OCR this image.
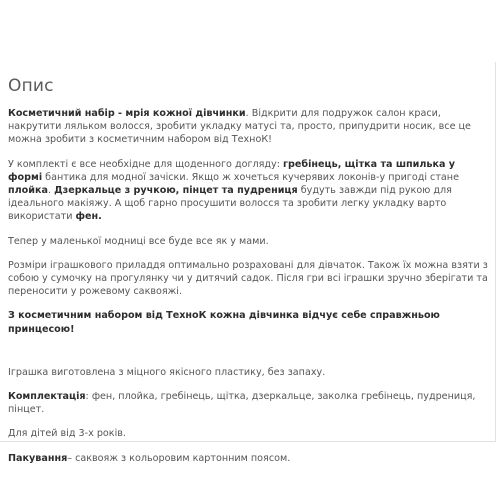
Опис

Косметичний набір - мрія кожної дівчинки. Відкрити для подружок салон краси, накрутити ляльком волосся, зробити укладку матусі та, просто, припудрити носик, все це можна зробити з косметичним набором від ТехноК!

У комплекті є все необхідне для щоденного догляду: гребінець, щітка та шпилька у формі бантика для модної зачіски. Якщо ж хочеться кучерявих локонів-у пригоді стане плойка. Дзеркальце з ручкою, пінцет та пудрениця будуть завжди під рукою для ідеального макіяжу. А щоб гарно просушити волосся та зробити легку укладку варто використати фен.

Тепер у маленької модниці все буде все як у мами.

Розміри іграшкового приладдя оптимально розраховані для дівчаток. Також їх можна взяти з собою у сумочку на прогулянку чи у дитячий садок. Після гри всі іграшки зручно зберігати та переносити у рожевому саквояжі.

З косметичним набором від ТехноК кожна дівчинка відчує себе справжньою принцесою!

Іграшка виготовлена з міцного якісного пластику, без запаху.

Комплектація: фен, плойка, гребінець, щітка, дзеркальце, заколка гребінець, пудрениця, пінцет.

Для дітей від 3-х років.

Пакування– саквояж з кольоровим картонним поясом.
